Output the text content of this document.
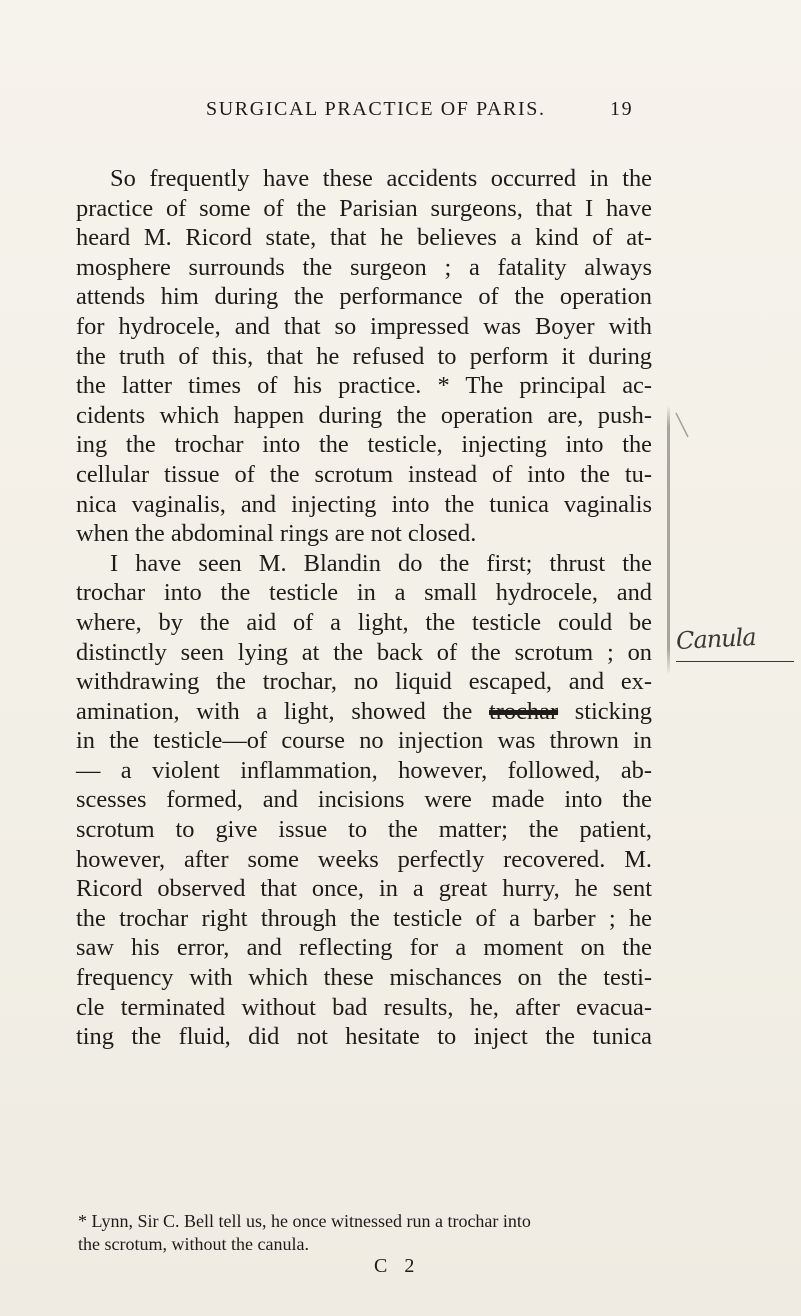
SURGICAL PRACTICE OF PARIS.	19
So frequently have these accidents occurred in the
practice of some of the Parisian surgeons, that I have
heard M. Ricord state, that he believes a kind of at-
mosphere surrounds the surgeon ; a fatality always
attends him during the performance of the operation
for hydrocele, and that so impressed was Boyer with
the truth of this, that he refused to perform it during
the latter times of his practice. * The principal ac-
cidents which happen during the operation are, push-
ing the trochar into the testicle, injecting into the
cellular tissue of the scrotum instead of into the tu-
nica vaginalis, and injecting into the tunica vaginalis
when the abdominal rings are not closed.
I have seen M. Blandin do the first; thrust the
trochar into the testicle in a small hydrocele, and
where, by the aid of a light, the testicle could be
distinctly seen lying at the back of the scrotum ; on
withdrawing the trochar, no liquid escaped, and ex-
amination, with a light, showed the trochar sticking
in the testicle—of course no injection was thrown in
— a violent inflammation, however, followed, ab-
scesses formed, and incisions were made into the
scrotum to give issue to the matter; the patient,
however, after some weeks perfectly recovered. M.
Ricord observed that once, in a great hurry, he sent
the trochar right through the testicle of a barber ; he
saw his error, and reflecting for a moment on the
frequency with which these mischances on the testi-
cle terminated without bad results, he, after evacua-
ting the fluid, did not hesitate to inject the tunica
* Lynn, Sir C. Bell tell us, he once witnessed run a trochar into
the scrotum, without the canula.
C 2
Canula
